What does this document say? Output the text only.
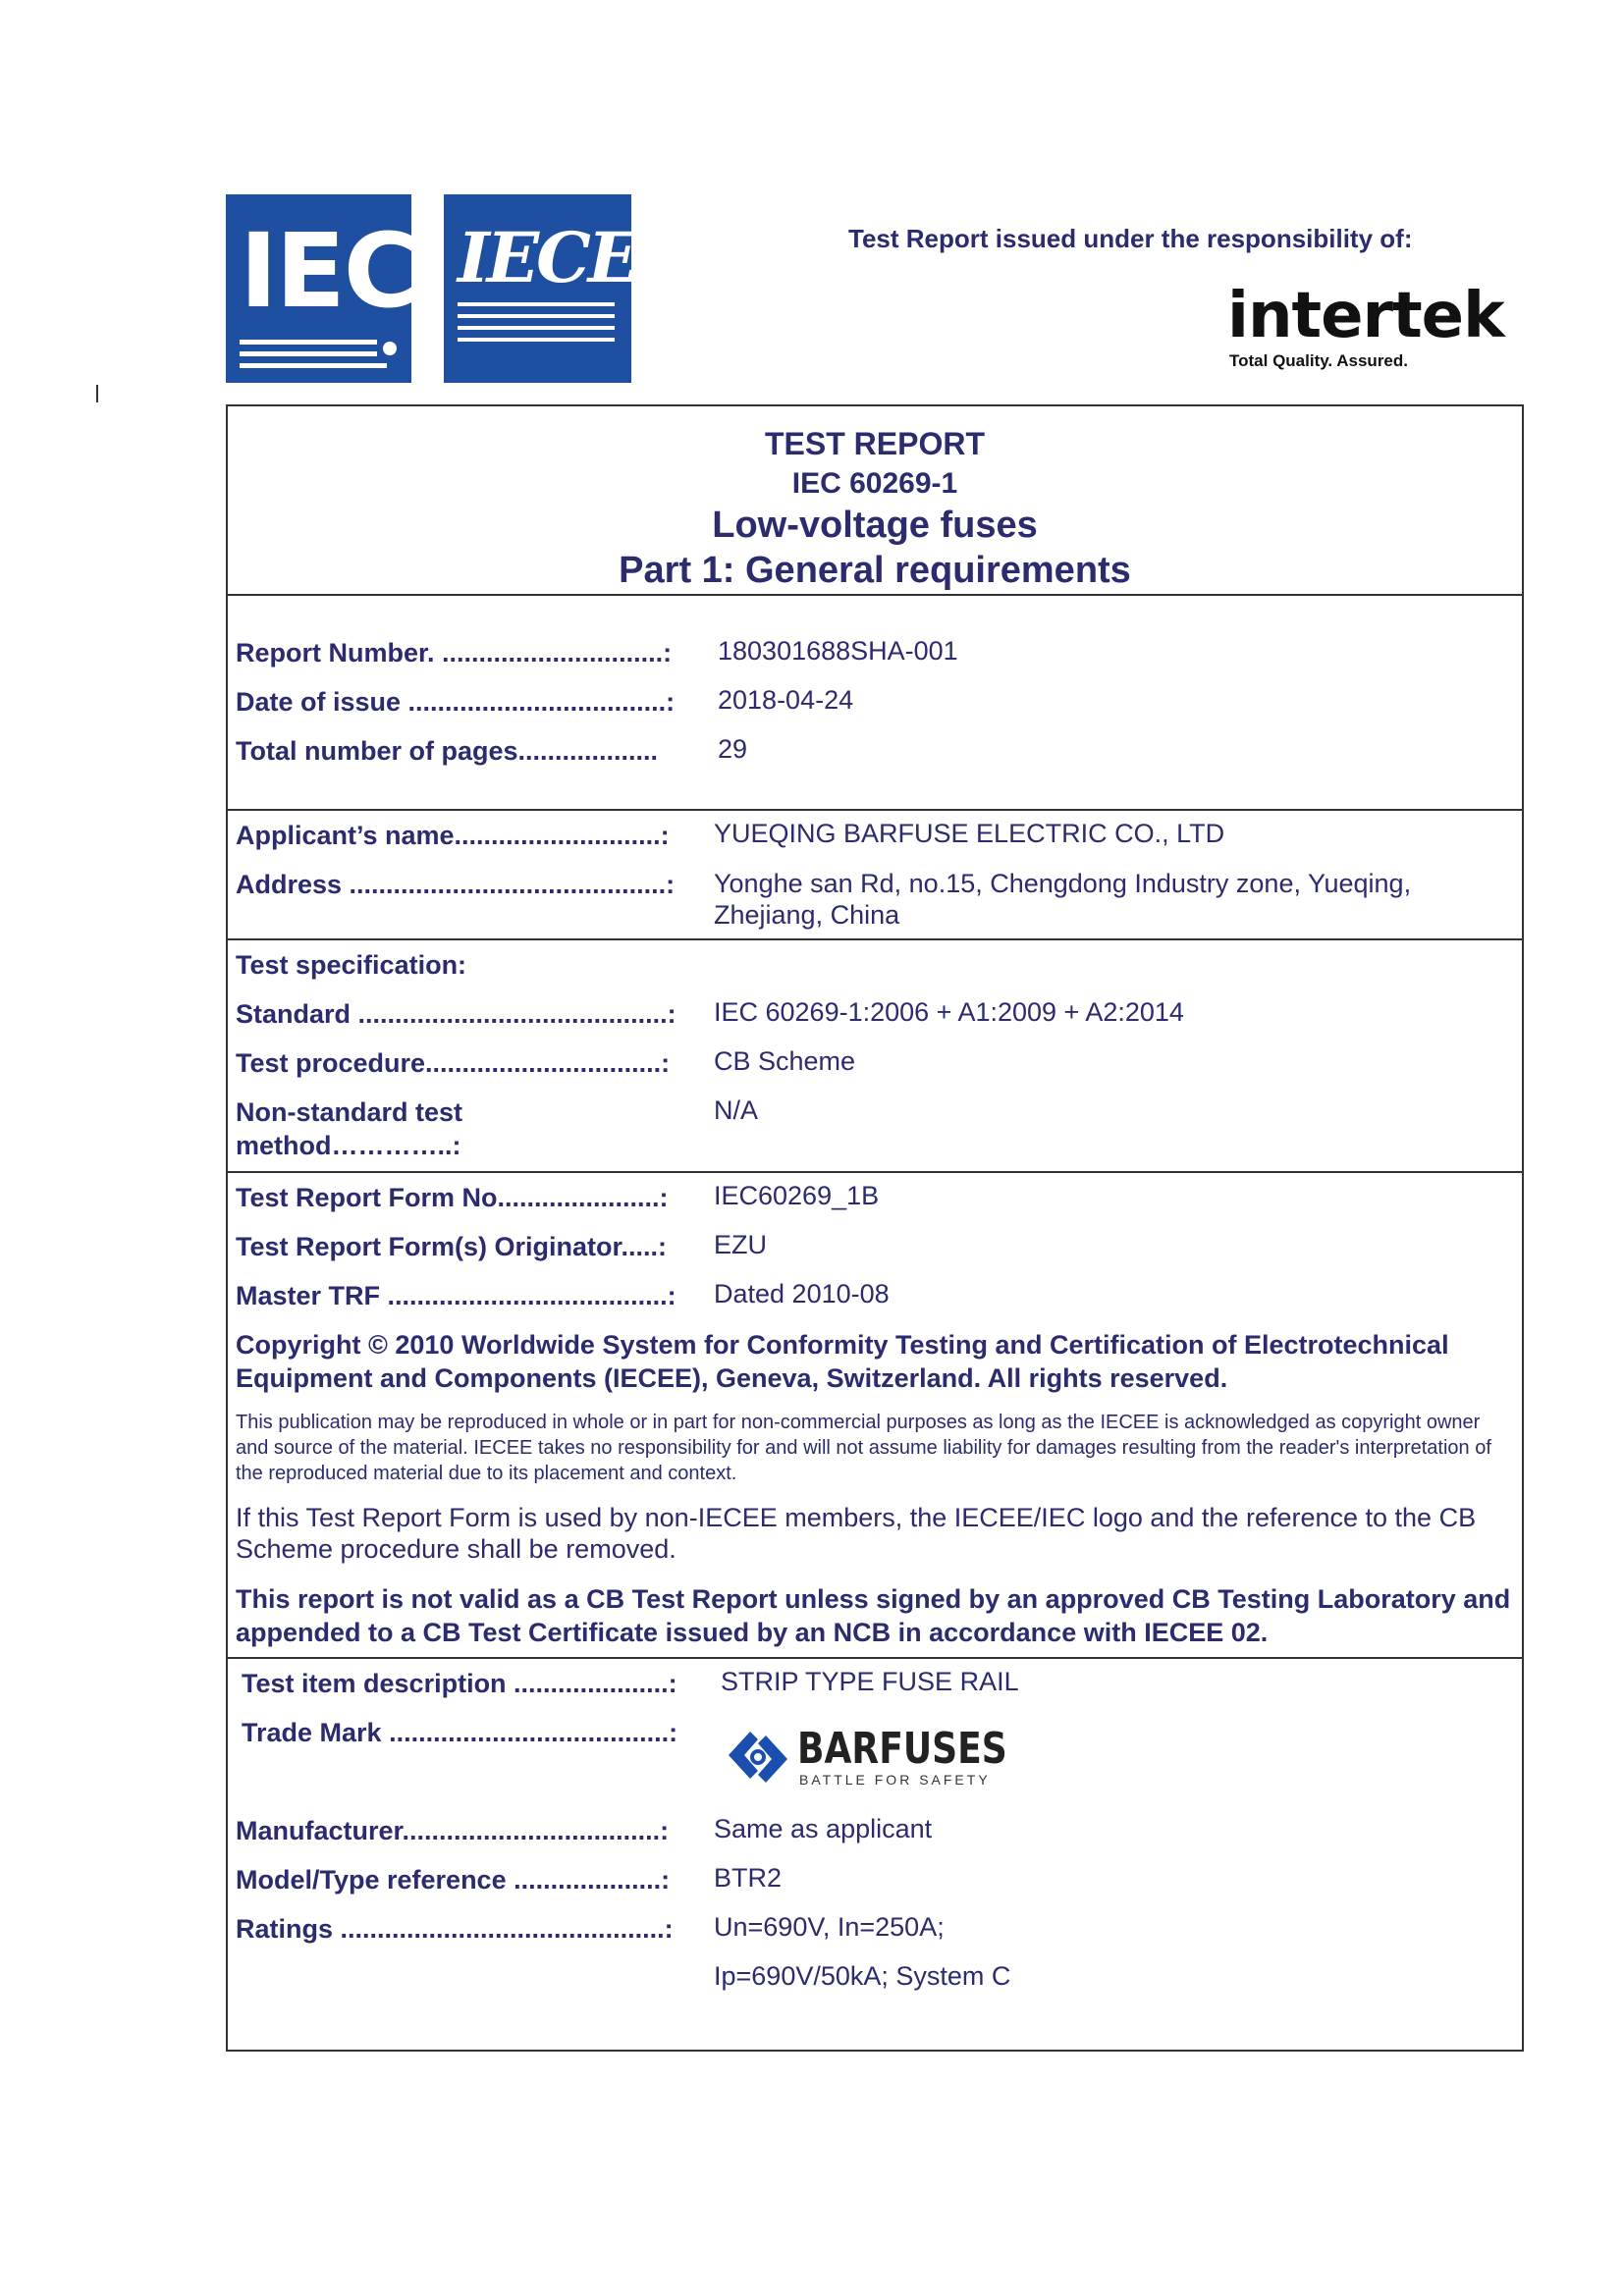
IEC IECEE	Test Report issued under the responsibility of:
intertek
Total Quality. Assured.
TEST REPORT
IEC 60269-1
Low-voltage fuses
Part 1: General requirements
Report Number. ..............................: 180301688SHA-001
Date of issue ...................................: 2018-04-24
Total number of pages................... 29
Applicant’s name............................: YUEQING BARFUSE ELECTRIC CO., LTD
Address ...........................................: Yonghe san Rd, no.15, Chengdong Industry zone, Yueqing, Zhejiang, China
Test specification:
Standard ..........................................: IEC 60269-1:2006 + A1:2009 + A2:2014
Test procedure................................: CB Scheme
Non-standard test
method…………..:
N/A
Test Report Form No......................: IEC60269_1B
Test Report Form(s) Originator.....: EZU
Master TRF ......................................: Dated 2010-08
Copyright © 2010 Worldwide System for Conformity Testing and Certification of Electrotechnical Equipment and Components (IECEE), Geneva, Switzerland. All rights reserved.
This publication may be reproduced in whole or in part for non-commercial purposes as long as the IECEE is acknowledged as copyright owner and source of the material. IECEE takes no responsibility for and will not assume liability for damages resulting from the reader's interpretation of the reproduced material due to its placement and context.
If this Test Report Form is used by non-IECEE members, the IECEE/IEC logo and the reference to the CB Scheme procedure shall be removed.
This report is not valid as a CB Test Report unless signed by an approved CB Testing Laboratory and appended to a CB Test Certificate issued by an NCB in accordance with IECEE 02.
Test item description .....................: STRIP TYPE FUSE RAIL
Trade Mark ......................................:	BARFUSES
BATTLE FOR SAFETY
Manufacturer...................................: Same as applicant
Model/Type reference ....................: BTR2
Ratings ............................................: Un=690V, In=250A;
Ip=690V/50kA; System C
